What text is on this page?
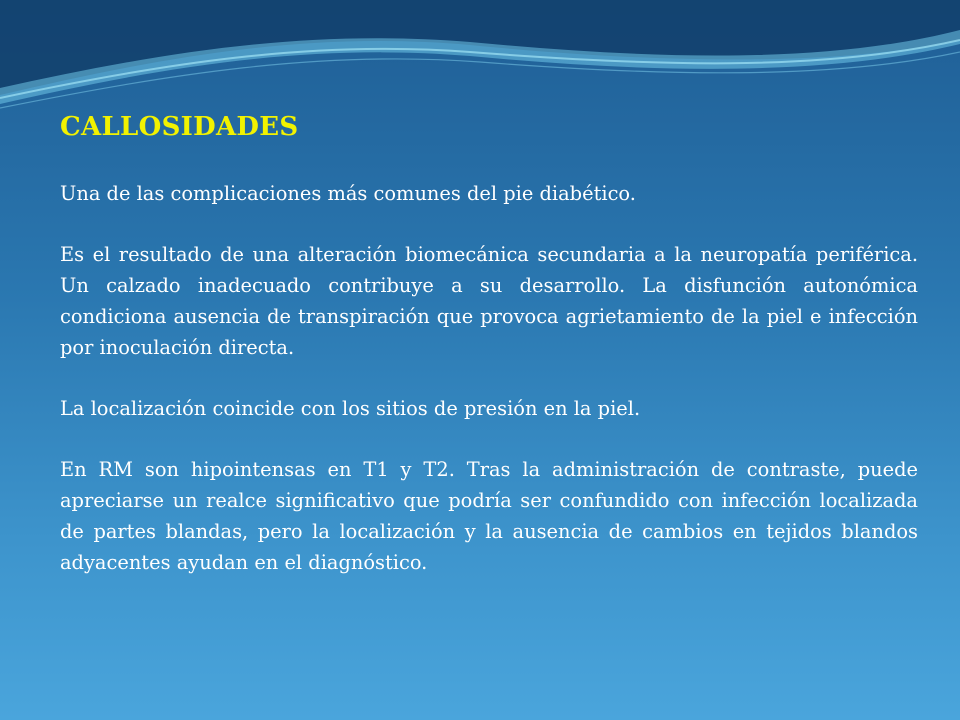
CALLOSIDADES

Una de las complicaciones más comunes del pie diabético.

Es el resultado de una alteración biomecánica secundaria a la neuropatía periférica. Un calzado inadecuado contribuye a su desarrollo. La disfunción autonómica condiciona ausencia de transpiración que provoca agrietamiento de la piel e infección por inoculación directa.

La localización coincide con los sitios de presión en la piel.

En RM son hipointensas en T1 y T2. Tras la administración de contraste, puede apreciarse un realce significativo que podría ser confundido con infección localizada de partes blandas, pero la localización y la ausencia de cambios en tejidos blandos adyacentes ayudan en el diagnóstico.
